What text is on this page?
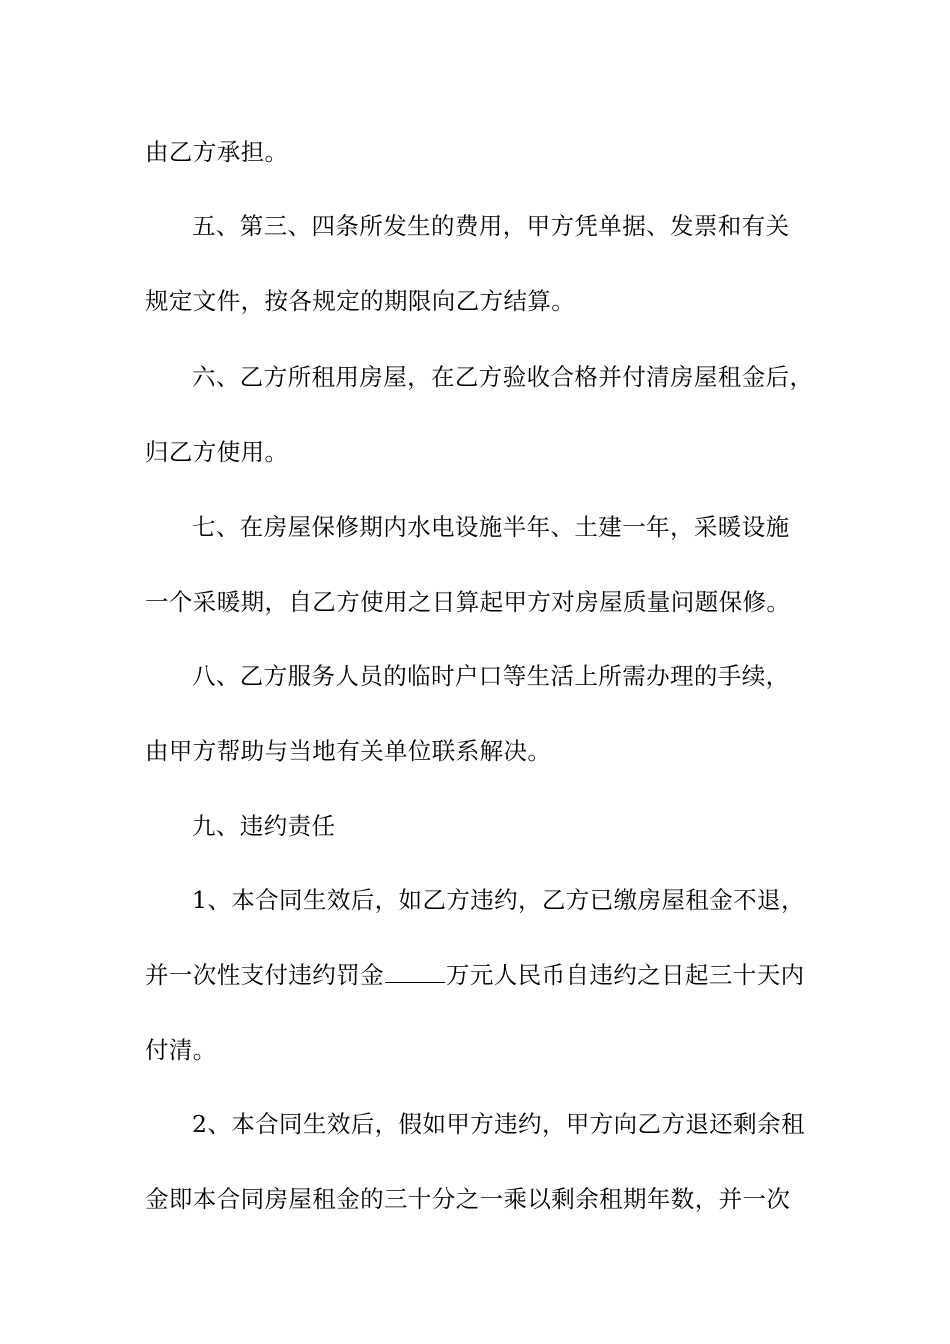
由乙方承担。
五、第三、四条所发生的费用，甲方凭单据、发票和有关
规定文件，按各规定的期限向乙方结算。
六、乙方所租用房屋，在乙方验收合格并付清房屋租金后，
归乙方使用。
七、在房屋保修期内水电设施半年、土建一年，采暖设施
一个采暖期，自乙方使用之日算起甲方对房屋质量问题保修。
八、乙方服务人员的临时户口等生活上所需办理的手续，
由甲方帮助与当地有关单位联系解决。
九、违约责任
1、本合同生效后，如乙方违约，乙方已缴房屋租金不退，
并一次性支付违约罚金	万元人民币自违约之日起三十天内
付清。
2、本合同生效后，假如甲方违约，甲方向乙方退还剩余租
金即本合同房屋租金的三十分之一乘以剩余租期年数，并一次
